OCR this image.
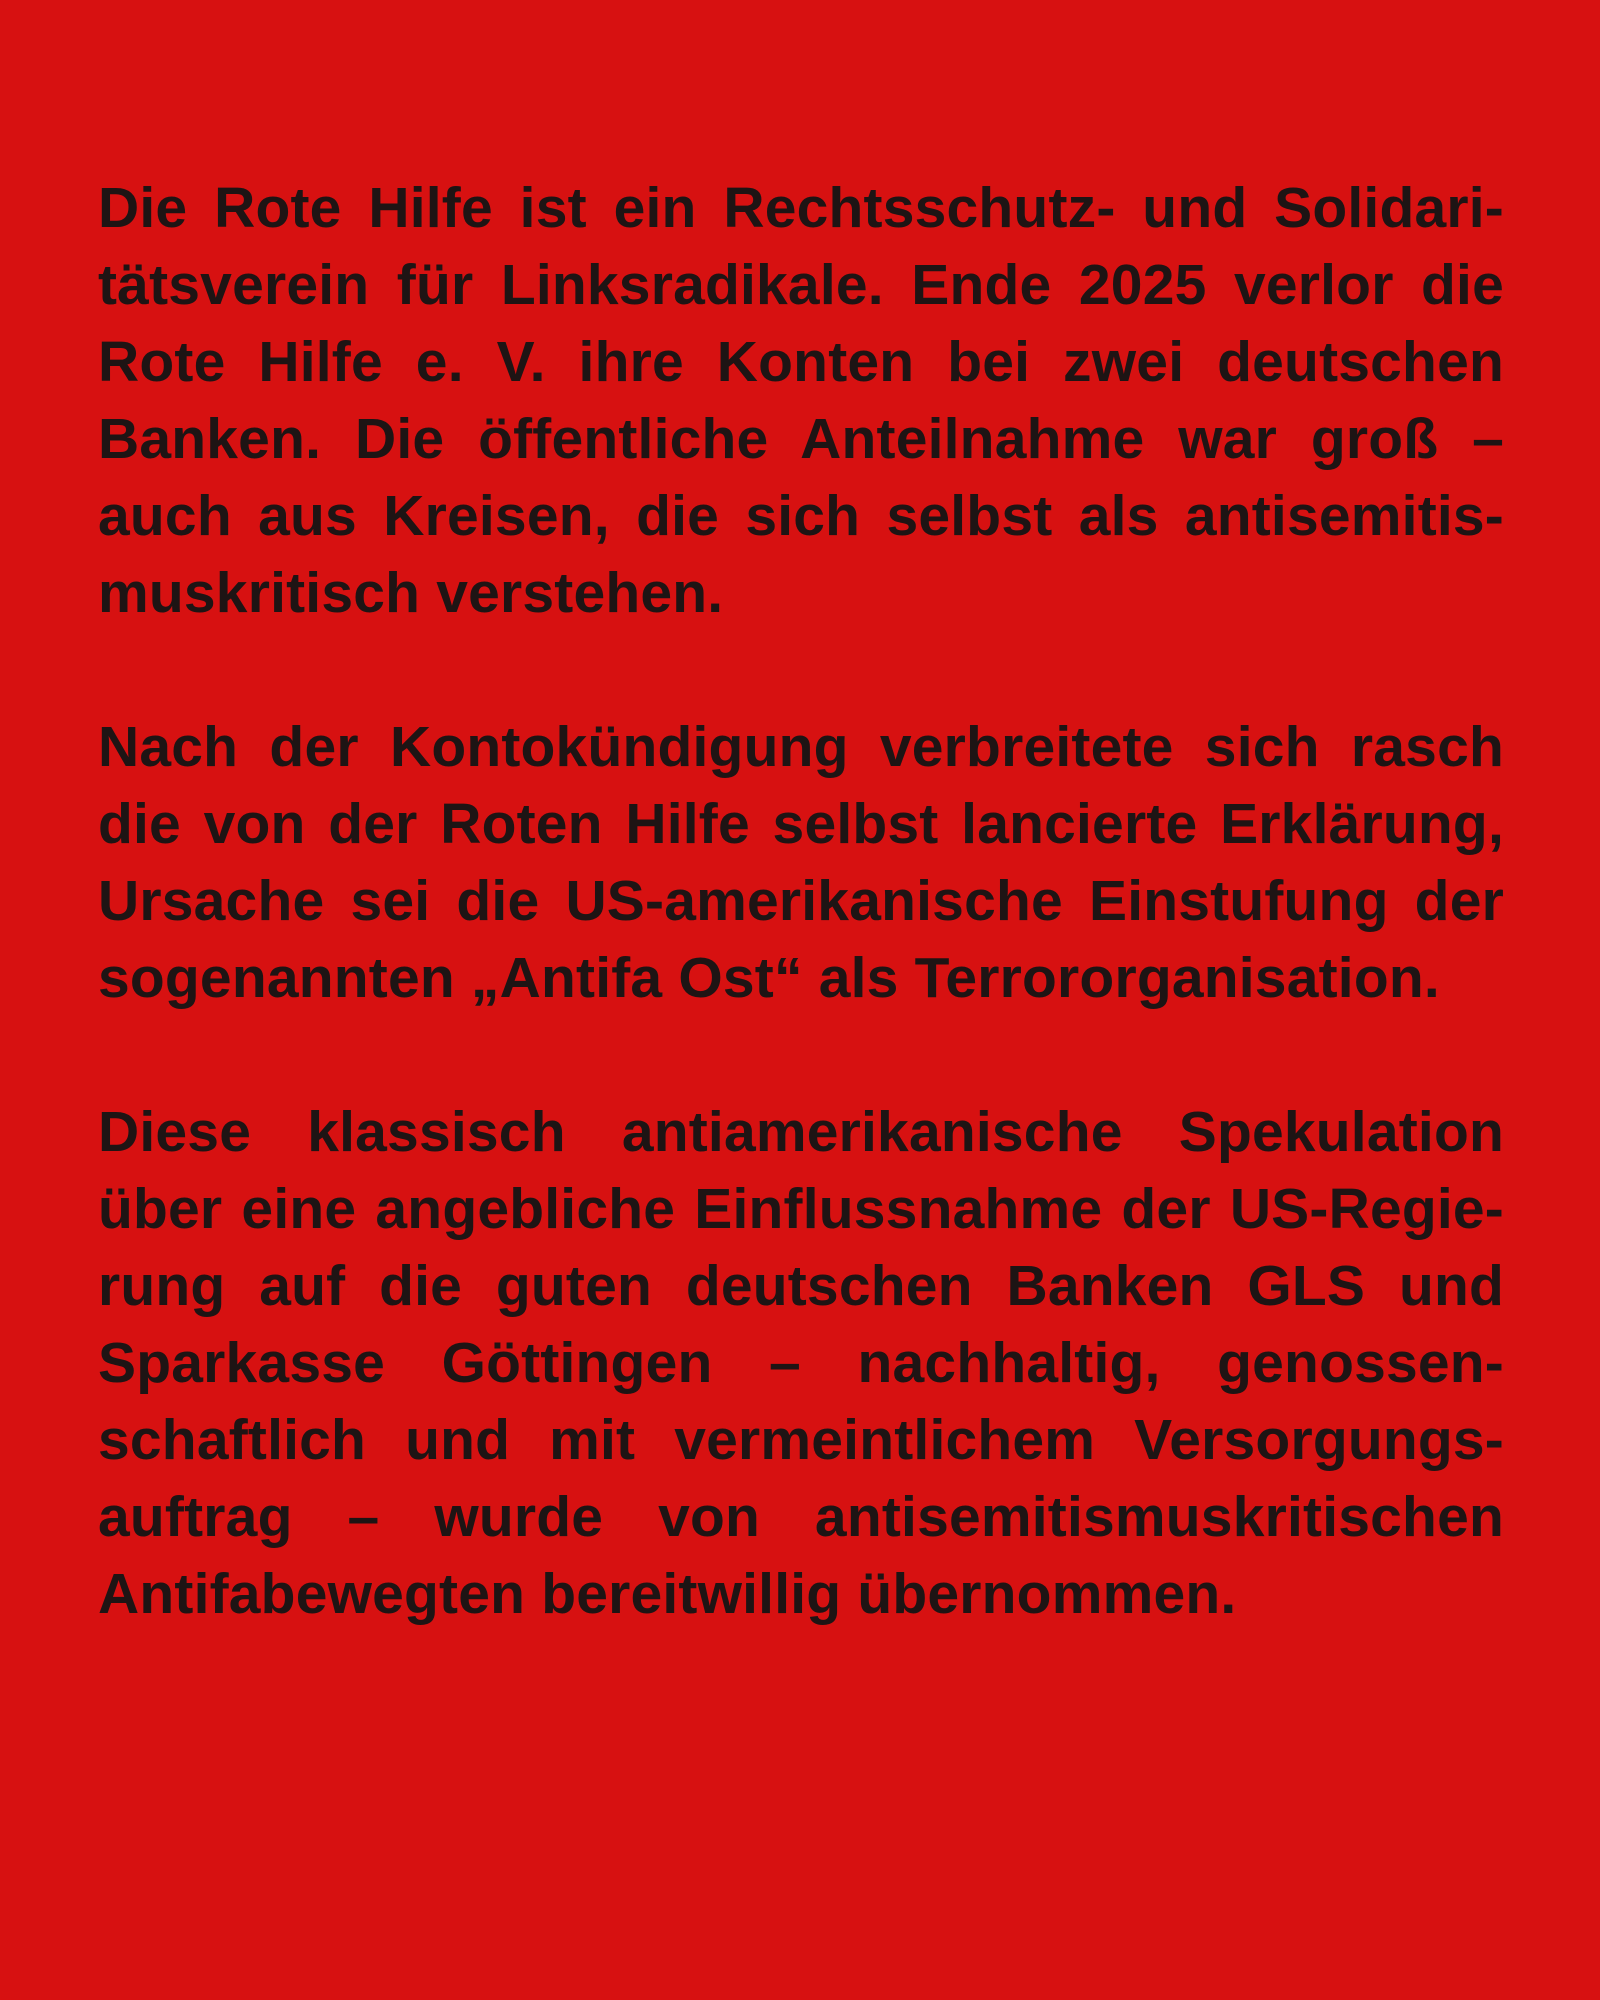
Die Rote Hilfe ist ein Rechtsschutz- und Solidari-
tätsverein für Linksradikale. Ende 2025 verlor die
Rote Hilfe e. V. ihre Konten bei zwei deutschen
Banken. Die öffentliche Anteilnahme war groß –
auch aus Kreisen, die sich selbst als antisemitis-
muskritisch verstehen.

Nach der Kontokündigung verbreitete sich rasch
die von der Roten Hilfe selbst lancierte Erklärung,
Ursache sei die US-amerikanische Einstufung der
sogenannten „Antifa Ost“ als Terrororganisation.

Diese klassisch antiamerikanische Spekulation
über eine angebliche Einflussnahme der US-Regie-
rung auf die guten deutschen Banken GLS und
Sparkasse Göttingen – nachhaltig, genossen-
schaftlich und mit vermeintlichem Versorgungs-
auftrag – wurde von antisemitismuskritischen
Antifabewegten bereitwillig übernommen.
